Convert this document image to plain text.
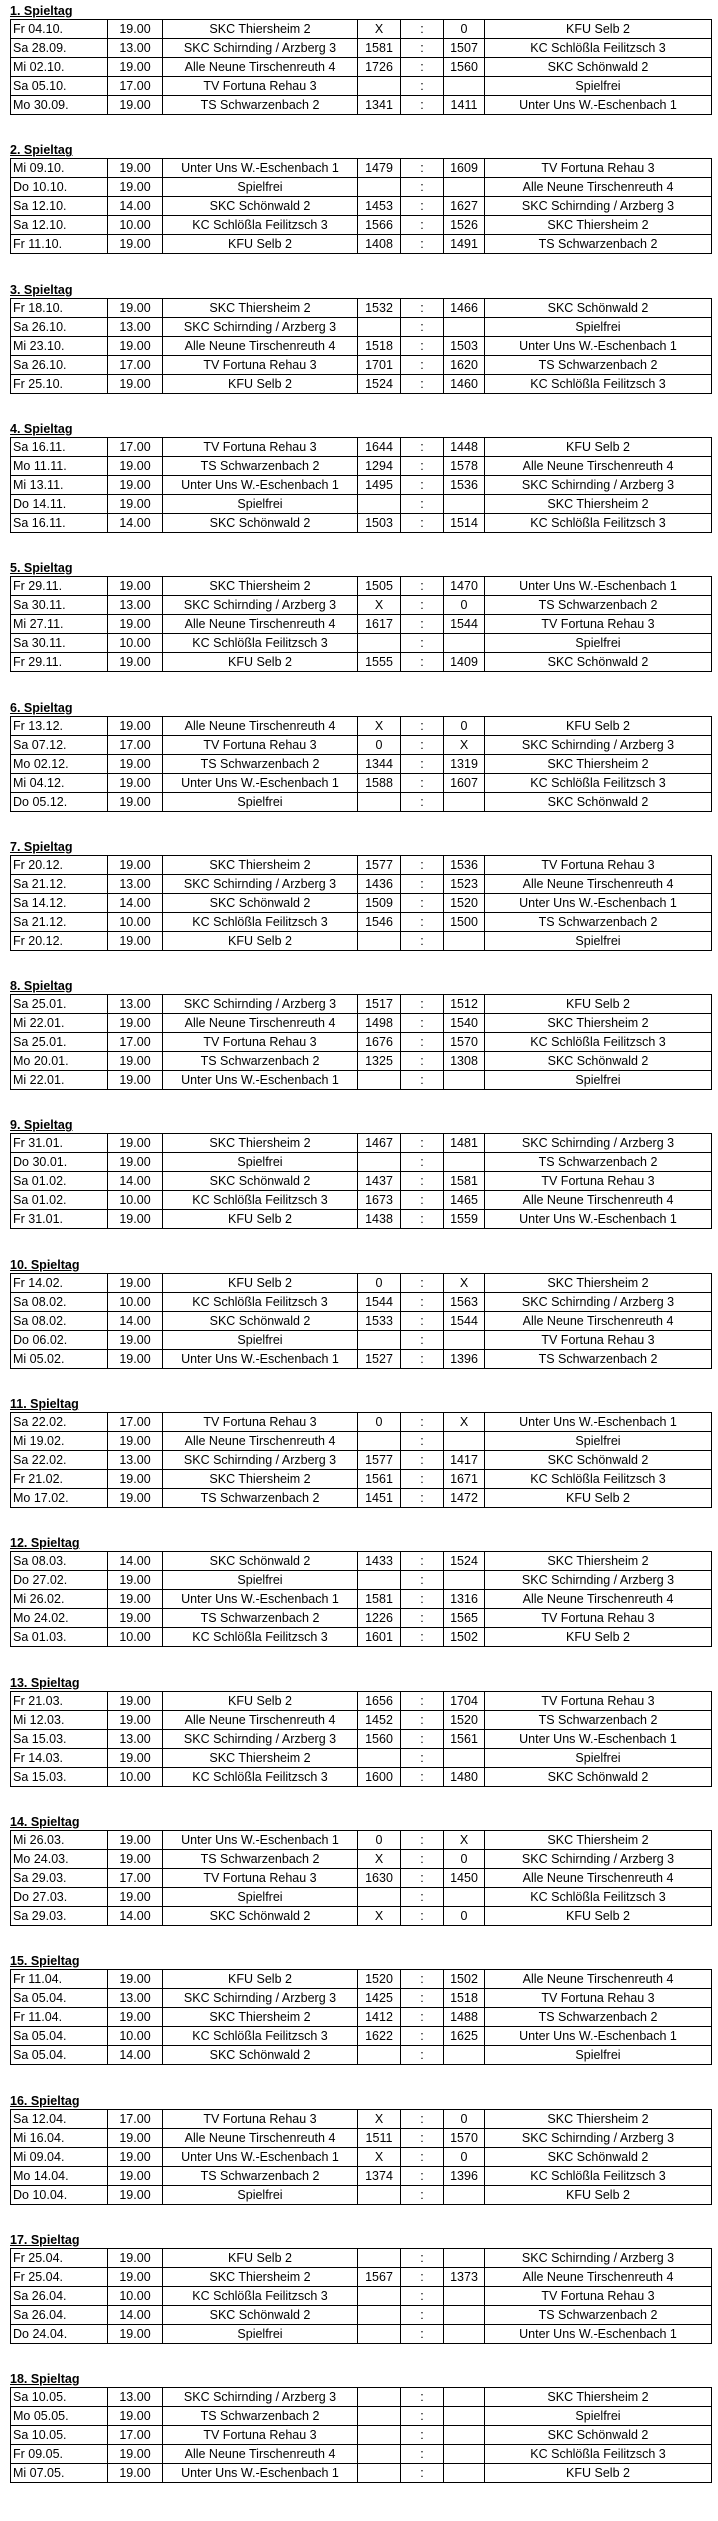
1. Spieltag
Fr 04.10.	19.00	SKC Thiersheim 2	X	:	0	KFU Selb 2
Sa 28.09.	13.00	SKC Schirnding / Arzberg 3	1581	:	1507	KC Schlößla Feilitzsch 3
Mi 02.10.	19.00	Alle Neune Tirschenreuth 4	1726	:	1560	SKC Schönwald 2
Sa 05.10.	17.00	TV Fortuna Rehau 3		:		Spielfrei
Mo 30.09.	19.00	TS Schwarzenbach 2	1341	:	1411	Unter Uns W.-Eschenbach 1
2. Spieltag
Mi 09.10.	19.00	Unter Uns W.-Eschenbach 1	1479	:	1609	TV Fortuna Rehau 3
Do 10.10.	19.00	Spielfrei		:		Alle Neune Tirschenreuth 4
Sa 12.10.	14.00	SKC Schönwald 2	1453	:	1627	SKC Schirnding / Arzberg 3
Sa 12.10.	10.00	KC Schlößla Feilitzsch 3	1566	:	1526	SKC Thiersheim 2
Fr 11.10.	19.00	KFU Selb 2	1408	:	1491	TS Schwarzenbach 2
3. Spieltag
Fr 18.10.	19.00	SKC Thiersheim 2	1532	:	1466	SKC Schönwald 2
Sa 26.10.	13.00	SKC Schirnding / Arzberg 3		:		Spielfrei
Mi 23.10.	19.00	Alle Neune Tirschenreuth 4	1518	:	1503	Unter Uns W.-Eschenbach 1
Sa 26.10.	17.00	TV Fortuna Rehau 3	1701	:	1620	TS Schwarzenbach 2
Fr 25.10.	19.00	KFU Selb 2	1524	:	1460	KC Schlößla Feilitzsch 3
4. Spieltag
Sa 16.11.	17.00	TV Fortuna Rehau 3	1644	:	1448	KFU Selb 2
Mo 11.11.	19.00	TS Schwarzenbach 2	1294	:	1578	Alle Neune Tirschenreuth 4
Mi 13.11.	19.00	Unter Uns W.-Eschenbach 1	1495	:	1536	SKC Schirnding / Arzberg 3
Do 14.11.	19.00	Spielfrei		:		SKC Thiersheim 2
Sa 16.11.	14.00	SKC Schönwald 2	1503	:	1514	KC Schlößla Feilitzsch 3
5. Spieltag
Fr 29.11.	19.00	SKC Thiersheim 2	1505	:	1470	Unter Uns W.-Eschenbach 1
Sa 30.11.	13.00	SKC Schirnding / Arzberg 3	X	:	0	TS Schwarzenbach 2
Mi 27.11.	19.00	Alle Neune Tirschenreuth 4	1617	:	1544	TV Fortuna Rehau 3
Sa 30.11.	10.00	KC Schlößla Feilitzsch 3		:		Spielfrei
Fr 29.11.	19.00	KFU Selb 2	1555	:	1409	SKC Schönwald 2
6. Spieltag
Fr 13.12.	19.00	Alle Neune Tirschenreuth 4	X	:	0	KFU Selb 2
Sa 07.12.	17.00	TV Fortuna Rehau 3	0	:	X	SKC Schirnding / Arzberg 3
Mo 02.12.	19.00	TS Schwarzenbach 2	1344	:	1319	SKC Thiersheim 2
Mi 04.12.	19.00	Unter Uns W.-Eschenbach 1	1588	:	1607	KC Schlößla Feilitzsch 3
Do 05.12.	19.00	Spielfrei		:		SKC Schönwald 2
7. Spieltag
Fr 20.12.	19.00	SKC Thiersheim 2	1577	:	1536	TV Fortuna Rehau 3
Sa 21.12.	13.00	SKC Schirnding / Arzberg 3	1436	:	1523	Alle Neune Tirschenreuth 4
Sa 14.12.	14.00	SKC Schönwald 2	1509	:	1520	Unter Uns W.-Eschenbach 1
Sa 21.12.	10.00	KC Schlößla Feilitzsch 3	1546	:	1500	TS Schwarzenbach 2
Fr 20.12.	19.00	KFU Selb 2		:		Spielfrei
8. Spieltag
Sa 25.01.	13.00	SKC Schirnding / Arzberg 3	1517	:	1512	KFU Selb 2
Mi 22.01.	19.00	Alle Neune Tirschenreuth 4	1498	:	1540	SKC Thiersheim 2
Sa 25.01.	17.00	TV Fortuna Rehau 3	1676	:	1570	KC Schlößla Feilitzsch 3
Mo 20.01.	19.00	TS Schwarzenbach 2	1325	:	1308	SKC Schönwald 2
Mi 22.01.	19.00	Unter Uns W.-Eschenbach 1		:		Spielfrei
9. Spieltag
Fr 31.01.	19.00	SKC Thiersheim 2	1467	:	1481	SKC Schirnding / Arzberg 3
Do 30.01.	19.00	Spielfrei		:		TS Schwarzenbach 2
Sa 01.02.	14.00	SKC Schönwald 2	1437	:	1581	TV Fortuna Rehau 3
Sa 01.02.	10.00	KC Schlößla Feilitzsch 3	1673	:	1465	Alle Neune Tirschenreuth 4
Fr 31.01.	19.00	KFU Selb 2	1438	:	1559	Unter Uns W.-Eschenbach 1
10. Spieltag
Fr 14.02.	19.00	KFU Selb 2	0	:	X	SKC Thiersheim 2
Sa 08.02.	10.00	KC Schlößla Feilitzsch 3	1544	:	1563	SKC Schirnding / Arzberg 3
Sa 08.02.	14.00	SKC Schönwald 2	1533	:	1544	Alle Neune Tirschenreuth 4
Do 06.02.	19.00	Spielfrei		:		TV Fortuna Rehau 3
Mi 05.02.	19.00	Unter Uns W.-Eschenbach 1	1527	:	1396	TS Schwarzenbach 2
11. Spieltag
Sa 22.02.	17.00	TV Fortuna Rehau 3	0	:	X	Unter Uns W.-Eschenbach 1
Mi 19.02.	19.00	Alle Neune Tirschenreuth 4		:		Spielfrei
Sa 22.02.	13.00	SKC Schirnding / Arzberg 3	1577	:	1417	SKC Schönwald 2
Fr 21.02.	19.00	SKC Thiersheim 2	1561	:	1671	KC Schlößla Feilitzsch 3
Mo 17.02.	19.00	TS Schwarzenbach 2	1451	:	1472	KFU Selb 2
12. Spieltag
Sa 08.03.	14.00	SKC Schönwald 2	1433	:	1524	SKC Thiersheim 2
Do 27.02.	19.00	Spielfrei		:		SKC Schirnding / Arzberg 3
Mi 26.02.	19.00	Unter Uns W.-Eschenbach 1	1581	:	1316	Alle Neune Tirschenreuth 4
Mo 24.02.	19.00	TS Schwarzenbach 2	1226	:	1565	TV Fortuna Rehau 3
Sa 01.03.	10.00	KC Schlößla Feilitzsch 3	1601	:	1502	KFU Selb 2
13. Spieltag
Fr 21.03.	19.00	KFU Selb 2	1656	:	1704	TV Fortuna Rehau 3
Mi 12.03.	19.00	Alle Neune Tirschenreuth 4	1452	:	1520	TS Schwarzenbach 2
Sa 15.03.	13.00	SKC Schirnding / Arzberg 3	1560	:	1561	Unter Uns W.-Eschenbach 1
Fr 14.03.	19.00	SKC Thiersheim 2		:		Spielfrei
Sa 15.03.	10.00	KC Schlößla Feilitzsch 3	1600	:	1480	SKC Schönwald 2
14. Spieltag
Mi 26.03.	19.00	Unter Uns W.-Eschenbach 1	0	:	X	SKC Thiersheim 2
Mo 24.03.	19.00	TS Schwarzenbach 2	X	:	0	SKC Schirnding / Arzberg 3
Sa 29.03.	17.00	TV Fortuna Rehau 3	1630	:	1450	Alle Neune Tirschenreuth 4
Do 27.03.	19.00	Spielfrei		:		KC Schlößla Feilitzsch 3
Sa 29.03.	14.00	SKC Schönwald 2	X	:	0	KFU Selb 2
15. Spieltag
Fr 11.04.	19.00	KFU Selb 2	1520	:	1502	Alle Neune Tirschenreuth 4
Sa 05.04.	13.00	SKC Schirnding / Arzberg 3	1425	:	1518	TV Fortuna Rehau 3
Fr 11.04.	19.00	SKC Thiersheim 2	1412	:	1488	TS Schwarzenbach 2
Sa 05.04.	10.00	KC Schlößla Feilitzsch 3	1622	:	1625	Unter Uns W.-Eschenbach 1
Sa 05.04.	14.00	SKC Schönwald 2		:		Spielfrei
16. Spieltag
Sa 12.04.	17.00	TV Fortuna Rehau 3	X	:	0	SKC Thiersheim 2
Mi 16.04.	19.00	Alle Neune Tirschenreuth 4	1511	:	1570	SKC Schirnding / Arzberg 3
Mi 09.04.	19.00	Unter Uns W.-Eschenbach 1	X	:	0	SKC Schönwald 2
Mo 14.04.	19.00	TS Schwarzenbach 2	1374	:	1396	KC Schlößla Feilitzsch 3
Do 10.04.	19.00	Spielfrei		:		KFU Selb 2
17. Spieltag
Fr 25.04.	19.00	KFU Selb 2		:		SKC Schirnding / Arzberg 3
Fr 25.04.	19.00	SKC Thiersheim 2	1567	:	1373	Alle Neune Tirschenreuth 4
Sa 26.04.	10.00	KC Schlößla Feilitzsch 3		:		TV Fortuna Rehau 3
Sa 26.04.	14.00	SKC Schönwald 2		:		TS Schwarzenbach 2
Do 24.04.	19.00	Spielfrei		:		Unter Uns W.-Eschenbach 1
18. Spieltag
Sa 10.05.	13.00	SKC Schirnding / Arzberg 3		:		SKC Thiersheim 2
Mo 05.05.	19.00	TS Schwarzenbach 2		:		Spielfrei
Sa 10.05.	17.00	TV Fortuna Rehau 3		:		SKC Schönwald 2
Fr 09.05.	19.00	Alle Neune Tirschenreuth 4		:		KC Schlößla Feilitzsch 3
Mi 07.05.	19.00	Unter Uns W.-Eschenbach 1		:		KFU Selb 2
